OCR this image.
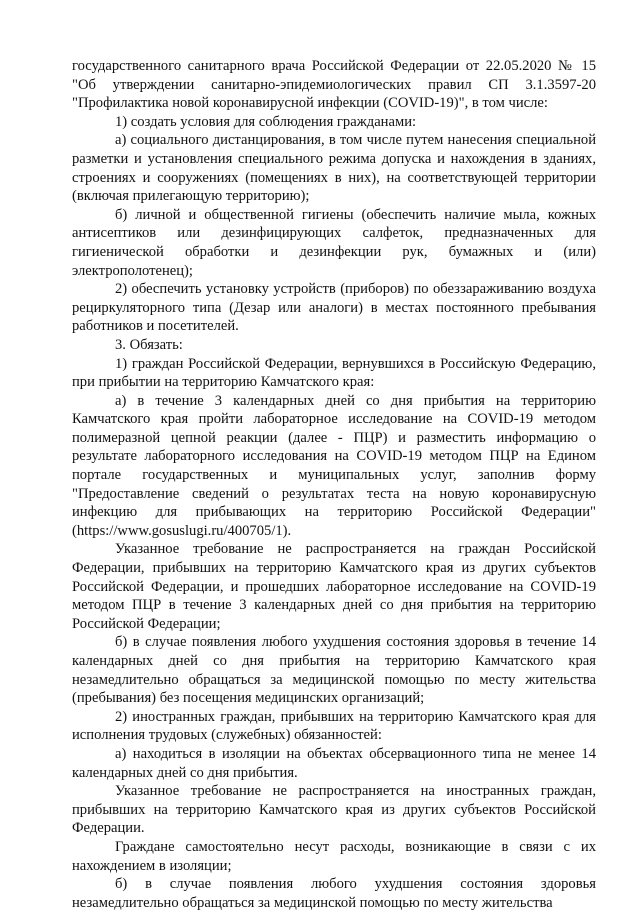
государственного санитарного врача Российской Федерации от 22.05.2020 № 15 "Об утверждении санитарно-эпидемиологических правил СП 3.1.3597-20 "Профилактика новой коронавирусной инфекции (COVID-19)", в том числе:

1) создать условия для соблюдения гражданами:

а) социального дистанцирования, в том числе путем нанесения специальной разметки и установления специального режима допуска и нахождения в зданиях, строениях и сооружениях (помещениях в них), на соответствующей территории (включая прилегающую территорию);

б) личной и общественной гигиены (обеспечить наличие мыла, кожных антисептиков или дезинфицирующих салфеток, предназначенных для гигиенической обработки и дезинфекции рук, бумажных и (или) электрополотенец);

2) обеспечить установку устройств (приборов) по обеззараживанию воздуха рециркуляторного типа (Дезар или аналоги) в местах постоянного пребывания работников и посетителей.

3. Обязать:

1) граждан Российской Федерации, вернувшихся в Российскую Федерацию, при прибытии на территорию Камчатского края:

а) в течение 3 календарных дней со дня прибытия на территорию Камчатского края пройти лабораторное исследование на COVID-19 методом полимеразной цепной реакции (далее - ПЦР) и разместить информацию о результате лабораторного исследования на COVID-19 методом ПЦР на Едином портале государственных и муниципальных услуг, заполнив форму "Предоставление сведений о результатах теста на новую коронавирусную инфекцию для прибывающих на территорию Российской Федерации" (https://www.gosuslugi.ru/400705/1).

Указанное требование не распространяется на граждан Российской Федерации, прибывших на территорию Камчатского края из других субъектов Российской Федерации, и прошедших лабораторное исследование на COVID-19 методом ПЦР в течение 3 календарных дней со дня прибытия на территорию Российской Федерации;

б) в случае появления любого ухудшения состояния здоровья в течение 14 календарных дней со дня прибытия на территорию Камчатского края незамедлительно обращаться за медицинской помощью по месту жительства (пребывания) без посещения медицинских организаций;

2) иностранных граждан, прибывших на территорию Камчатского края для исполнения трудовых (служебных) обязанностей:

а) находиться в изоляции на объектах обсервационного типа не менее 14 календарных дней со дня прибытия.

Указанное требование не распространяется на иностранных граждан, прибывших на территорию Камчатского края из других субъектов Российской Федерации.

Граждане самостоятельно несут расходы, возникающие в связи с их нахождением в изоляции;

б) в случае появления любого ухудшения состояния здоровья незамедлительно обращаться за медицинской помощью по месту жительства
